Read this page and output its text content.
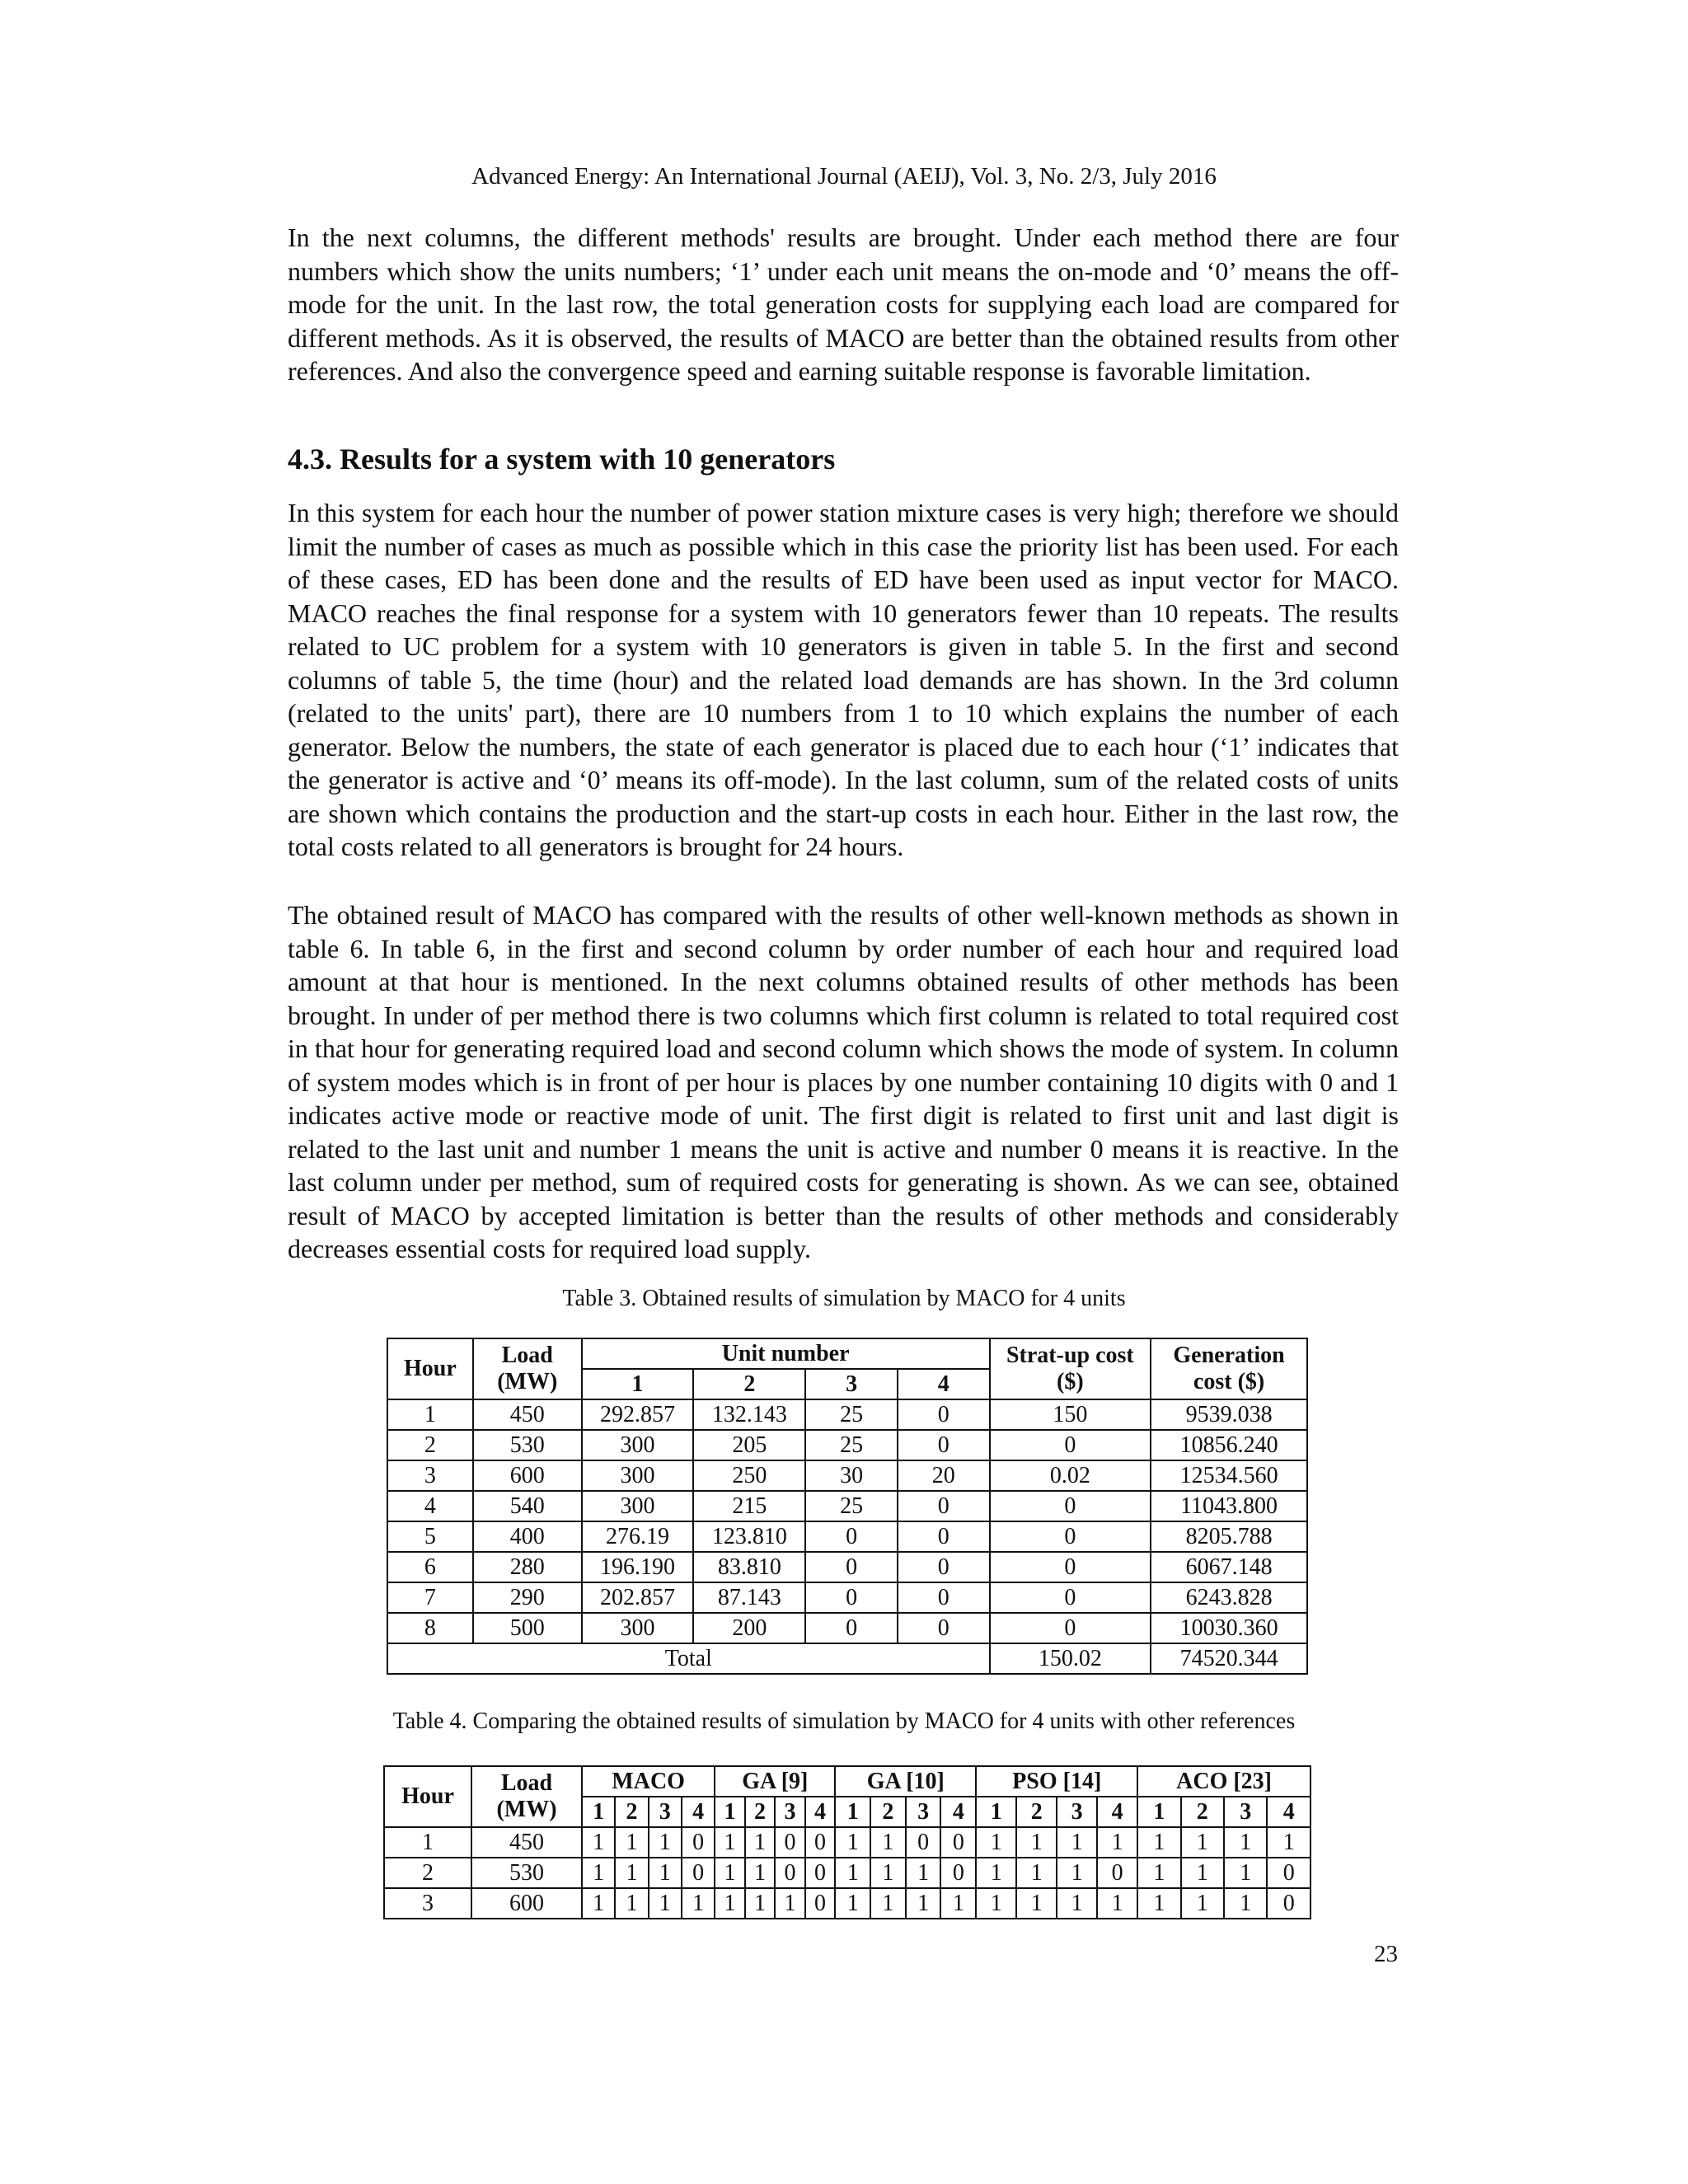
Advanced Energy: An International Journal (AEIJ), Vol. 3, No. 2/3, July 2016

In the next columns, the different methods' results are brought. Under each method there are four numbers which show the units numbers; ‘1’ under each unit means the on-mode and ‘0’ means the off-mode for the unit. In the last row, the total generation costs for supplying each load are compared for different methods. As it is observed, the results of MACO are better than the obtained results from other references. And also the convergence speed and earning suitable response is favorable limitation.

4.3. Results for a system with 10 generators

In this system for each hour the number of power station mixture cases is very high; therefore we should limit the number of cases as much as possible which in this case the priority list has been used. For each of these cases, ED has been done and the results of ED have been used as input vector for MACO. MACO reaches the final response for a system with 10 generators fewer than 10 repeats. The results related to UC problem for a system with 10 generators is given in table 5. In the first and second columns of table 5, the time (hour) and the related load demands are has shown. In the 3rd column (related to the units' part), there are 10 numbers from 1 to 10 which explains the number of each generator. Below the numbers, the state of each generator is placed due to each hour (‘1’ indicates that the generator is active and ‘0’ means its off-mode). In the last column, sum of the related costs of units are shown which contains the production and the start-up costs in each hour. Either in the last row, the total costs related to all generators is brought for 24 hours.

The obtained result of MACO has compared with the results of other well-known methods as shown in table 6. In table 6, in the first and second column by order number of each hour and required load amount at that hour is mentioned. In the next columns obtained results of other methods has been brought. In under of per method there is two columns which first column is related to total required cost in that hour for generating required load and second column which shows the mode of system. In column of system modes which is in front of per hour is places by one number containing 10 digits with 0 and 1 indicates active mode or reactive mode of unit. The first digit is related to first unit and last digit is related to the last unit and number 1 means the unit is active and number 0 means it is reactive. In the last column under per method, sum of required costs for generating is shown. As we can see, obtained result of MACO by accepted limitation is better than the results of other methods and considerably decreases essential costs for required load supply.

Table 3. Obtained results of simulation by MACO for 4 units
Hour	Load (MW)	Unit number				Strat-up cost ($)	Generation cost ($)
		1	2	3	4		
1	450	292.857	132.143	25	0	150	9539.038
2	530	300	205	25	0	0	10856.240
3	600	300	250	30	20	0.02	12534.560
4	540	300	215	25	0	0	11043.800
5	400	276.19	123.810	0	0	0	8205.788
6	280	196.190	83.810	0	0	0	6067.148
7	290	202.857	87.143	0	0	0	6243.828
8	500	300	200	0	0	0	10030.360
Total						150.02	74520.344
Table 4. Comparing the obtained results of simulation by MACO for 4 units with other references
Hour	Load (MW)	MACO				GA [9]				GA [10]				PSO [14]				ACO [23]			
		1	2	3	4	1	2	3	4	1	2	3	4	1	2	3	4	1	2	3	4
1	450	1	1	1	0	1	1	0	0	1	1	0	0	1	1	1	1	1	1	1	1
2	530	1	1	1	0	1	1	0	0	1	1	1	0	1	1	1	0	1	1	1	0
3	600	1	1	1	1	1	1	1	0	1	1	1	1	1	1	1	1	1	1	1	0
23
